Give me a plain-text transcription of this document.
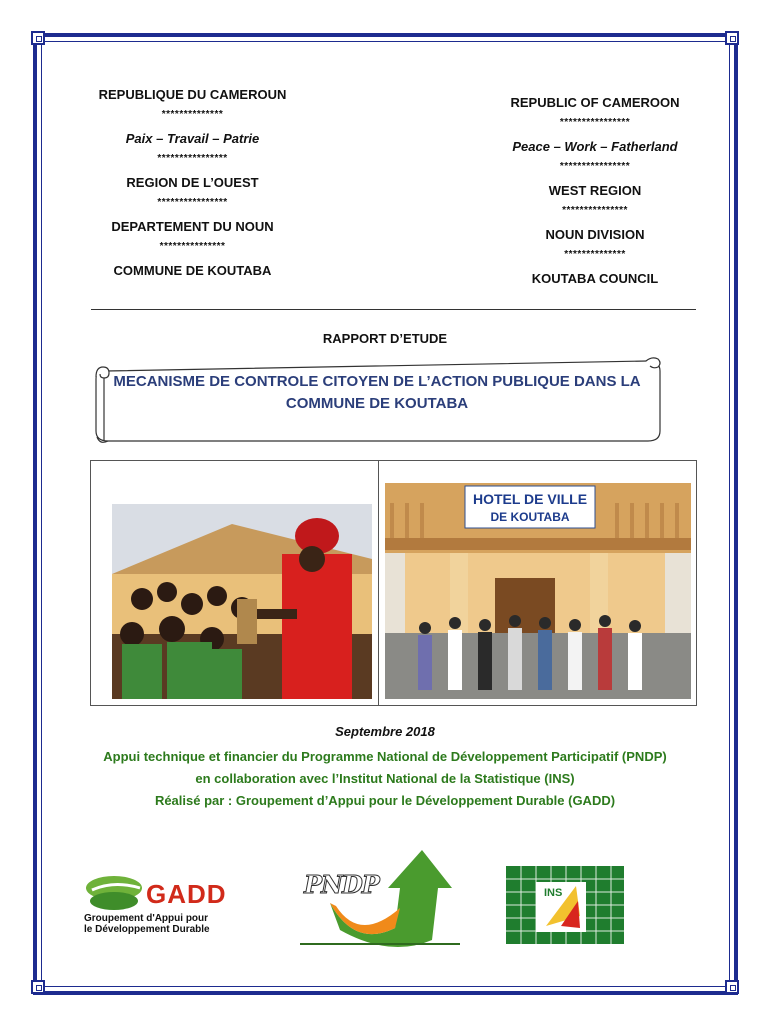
REPUBLIQUE DU CAMEROUN
**************
Paix – Travail – Patrie
****************
REGION DE L’OUEST
****************
DEPARTEMENT DU NOUN
***************
COMMUNE DE KOUTABA
REPUBLIC OF CAMEROON
****************
Peace – Work – Fatherland
****************
WEST REGION
***************
NOUN DIVISION
**************
KOUTABA COUNCIL
RAPPORT D’ETUDE
MECANISME DE CONTROLE CITOYEN DE L’ACTION PUBLIQUE DANS LA COMMUNE DE KOUTABA
HOTEL DE VILLE
DE KOUTABA
Septembre 2018
Appui technique et financier du Programme National de Développement Participatif (PNDP)
en collaboration avec l’Institut National de la Statistique (INS)
Réalisé par : Groupement d’Appui pour le Développement Durable (GADD)
GADD
Groupement d'Appui pour
le Développement Durable
PNDP	INS
